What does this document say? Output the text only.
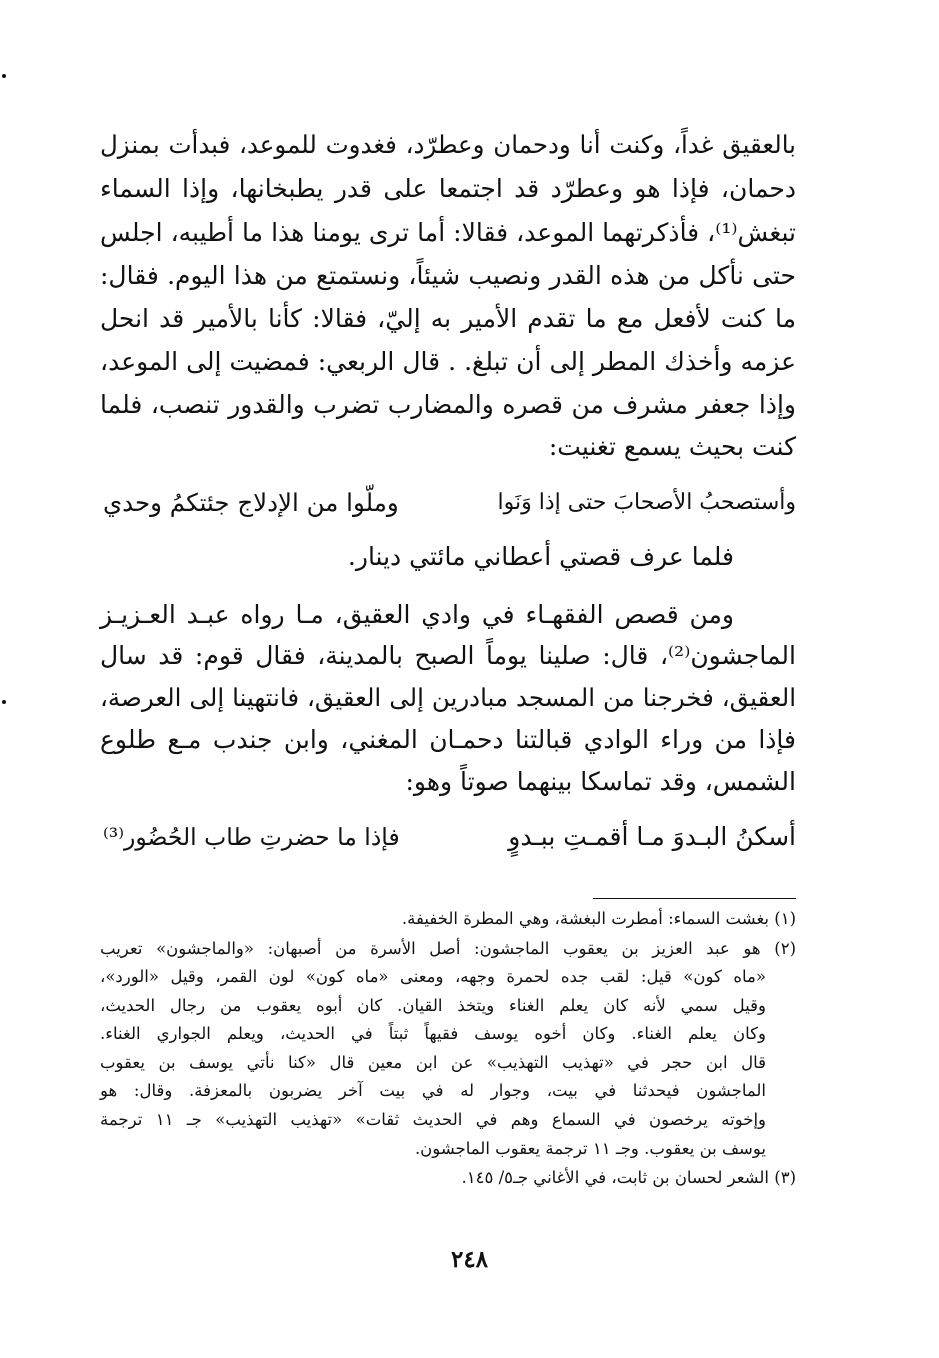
بالعقيق غداً، وكنت أنا ودحمان وعطرّد، فغدوت للموعد، فبدأت بمنزل
دحمان، فإذا هو وعطرّد قد اجتمعا على قدر يطبخانها، وإذا السماء
تبغش⁽¹⁾، فأذكرتهما الموعد، فقالا: أما ترى يومنا هذا ما أطيبه، اجلس
حتى نأكل من هذه القدر ونصيب شيئاً، ونستمتع من هذا اليوم. فقال:
ما كنت لأفعل مع ما تقدم الأمير به إليّ، فقالا: كأنا بالأمير قد انحل
عزمه وأخذك المطر إلى أن تبلغ. . قال الربعي: فمضيت إلى الموعد،
وإذا جعفر مشرف من قصره والمضارب تضرب والقدور تنصب، فلما
كنت بحيث يسمع تغنيت:
وأستصحبُ الأصحابَ حتى إذا وَنَوا
وملّوا من الإدلاج جئتكمُ وحدي
فلما عرف قصتي أعطاني مائتي دينار.
ومن قصص الفقهـاء في وادي العقيق، مـا رواه عبـد العـزيـز
الماجشون⁽²⁾، قال: صلينا يوماً الصبح بالمدينة، فقال قوم: قد سال
العقيق، فخرجنا من المسجد مبادرين إلى العقيق، فانتهينا إلى العرصة،
فإذا من وراء الوادي قبالتنا دحمـان المغني، وابن جندب مـع طلوع
الشمس، وقد تماسكا بينهما صوتاً وهو:
أسكنُ البـدوَ مـا أقمـتِ ببـدوٍ
فإذا ما حضرتِ طاب الحُضُور⁽³⁾
(١) بغشت السماء: أمطرت البغشة، وهي المطرة الخفيفة.
(٢) هو عبد العزيز بن يعقوب الماجشون: أصل الأسرة من أصبهان: «والماجشون» تعريب
«ماه كون» قيل: لقب جده لحمرة وجهه، ومعنى «ماه كون» لون القمر، وقيل «الورد»،
وقيل سمي لأنه كان يعلم الغناء ويتخذ القيان. كان أبوه يعقوب من رجال الحديث،
وكان يعلم الغناء. وكان أخوه يوسف فقيهاً ثبتاً في الحديث، ويعلم الجواري الغناء.
قال ابن حجر في «تهذيب التهذيب» عن ابن معين قال «كنا نأتي يوسف بن يعقوب
الماجشون فيحدثنا في بيت، وجوار له في بيت آخر يضربون بالمعزفة. وقال: هو
وإخوته يرخصون في السماع وهم في الحديث ثقات» «تهذيب التهذيب» جـ ١١ ترجمة
يوسف بن يعقوب. وجـ ١١ ترجمة يعقوب الماجشون.
(٣) الشعر لحسان بن ثابت، في الأغاني جـ٥/ ١٤٥.
٢٤٨
